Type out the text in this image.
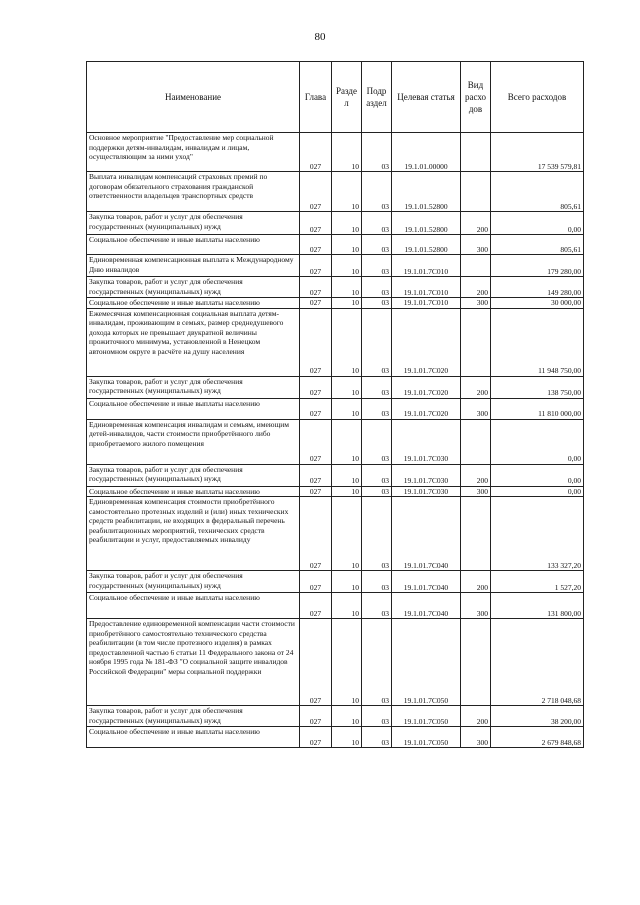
80
Наименование	Глава	Разде л	Подр аздел	Целевая статья	Вид расхо дов	Всего расходов
Основное мероприятие "Предоставление мер социальной поддержки детям-инвалидам, инвалидам и лицам, осуществляющим за ними уход"	027	10	03	19.1.01.00000		17 539 579,81
Выплата инвалидам компенсаций страховых премий по договорам обязательного страхования гражданской ответственности владельцев транспортных средств	027	10	03	19.1.01.52800		805,61
Закупка товаров, работ и услуг для обеспечения государственных (муниципальных) нужд	027	10	03	19.1.01.52800	200	0,00
Социальное обеспечение и иные выплаты населению	027	10	03	19.1.01.52800	300	805,61
Единовременная компенсационная выплата к Международному Дню инвалидов	027	10	03	19.1.01.7С010		179 280,00
Закупка товаров, работ и услуг для обеспечения государственных (муниципальных) нужд	027	10	03	19.1.01.7С010	200	149 280,00
Социальное обеспечение и иные выплаты населению	027	10	03	19.1.01.7С010	300	30 000,00
Ежемесячная компенсационная социальная выплата детям-инвалидам, проживающим в семьях, размер среднедушевого дохода которых не превышает двукратной величины прожиточного минимума, установленной в Ненецком автономном округе в расчёте на душу населения	027	10	03	19.1.01.7С020		11 948 750,00
Закупка товаров, работ и услуг для обеспечения государственных (муниципальных) нужд	027	10	03	19.1.01.7С020	200	138 750,00
Социальное обеспечение и иные выплаты населению	027	10	03	19.1.01.7С020	300	11 810 000,00
Единовременная компенсация инвалидам и семьям, имеющим детей-инвалидов, части стоимости приобретённого либо приобретаемого жилого помещения	027	10	03	19.1.01.7С030		0,00
Закупка товаров, работ и услуг для обеспечения государственных (муниципальных) нужд	027	10	03	19.1.01.7С030	200	0,00
Социальное обеспечение и иные выплаты населению	027	10	03	19.1.01.7С030	300	0,00
Единовременная компенсация стоимости приобретённого самостоятельно протезных изделий и (или) иных технических средств реабилитации, не входящих в федеральный перечень реабилитационных мероприятий, технических средств реабилитации и услуг, предоставляемых инвалиду	027	10	03	19.1.01.7С040		133 327,20
Закупка товаров, работ и услуг для обеспечения государственных (муниципальных) нужд	027	10	03	19.1.01.7С040	200	1 527,20
Социальное обеспечение и иные выплаты населению	027	10	03	19.1.01.7С040	300	131 800,00
Предоставление единовременной компенсации части стоимости приобретённого самостоятельно технического средства реабилитации (в том числе протезного изделия) в рамках предоставленной частью 6 статьи 11 Федерального закона от 24 ноября 1995 года № 181-ФЗ "О социальной защите инвалидов Российской Федерации" меры социальной поддержки	027	10	03	19.1.01.7С050		2 718 048,68
Закупка товаров, работ и услуг для обеспечения государственных (муниципальных) нужд	027	10	03	19.1.01.7С050	200	38 200,00
Социальное обеспечение и иные выплаты населению	027	10	03	19.1.01.7С050	300	2 679 848,68
